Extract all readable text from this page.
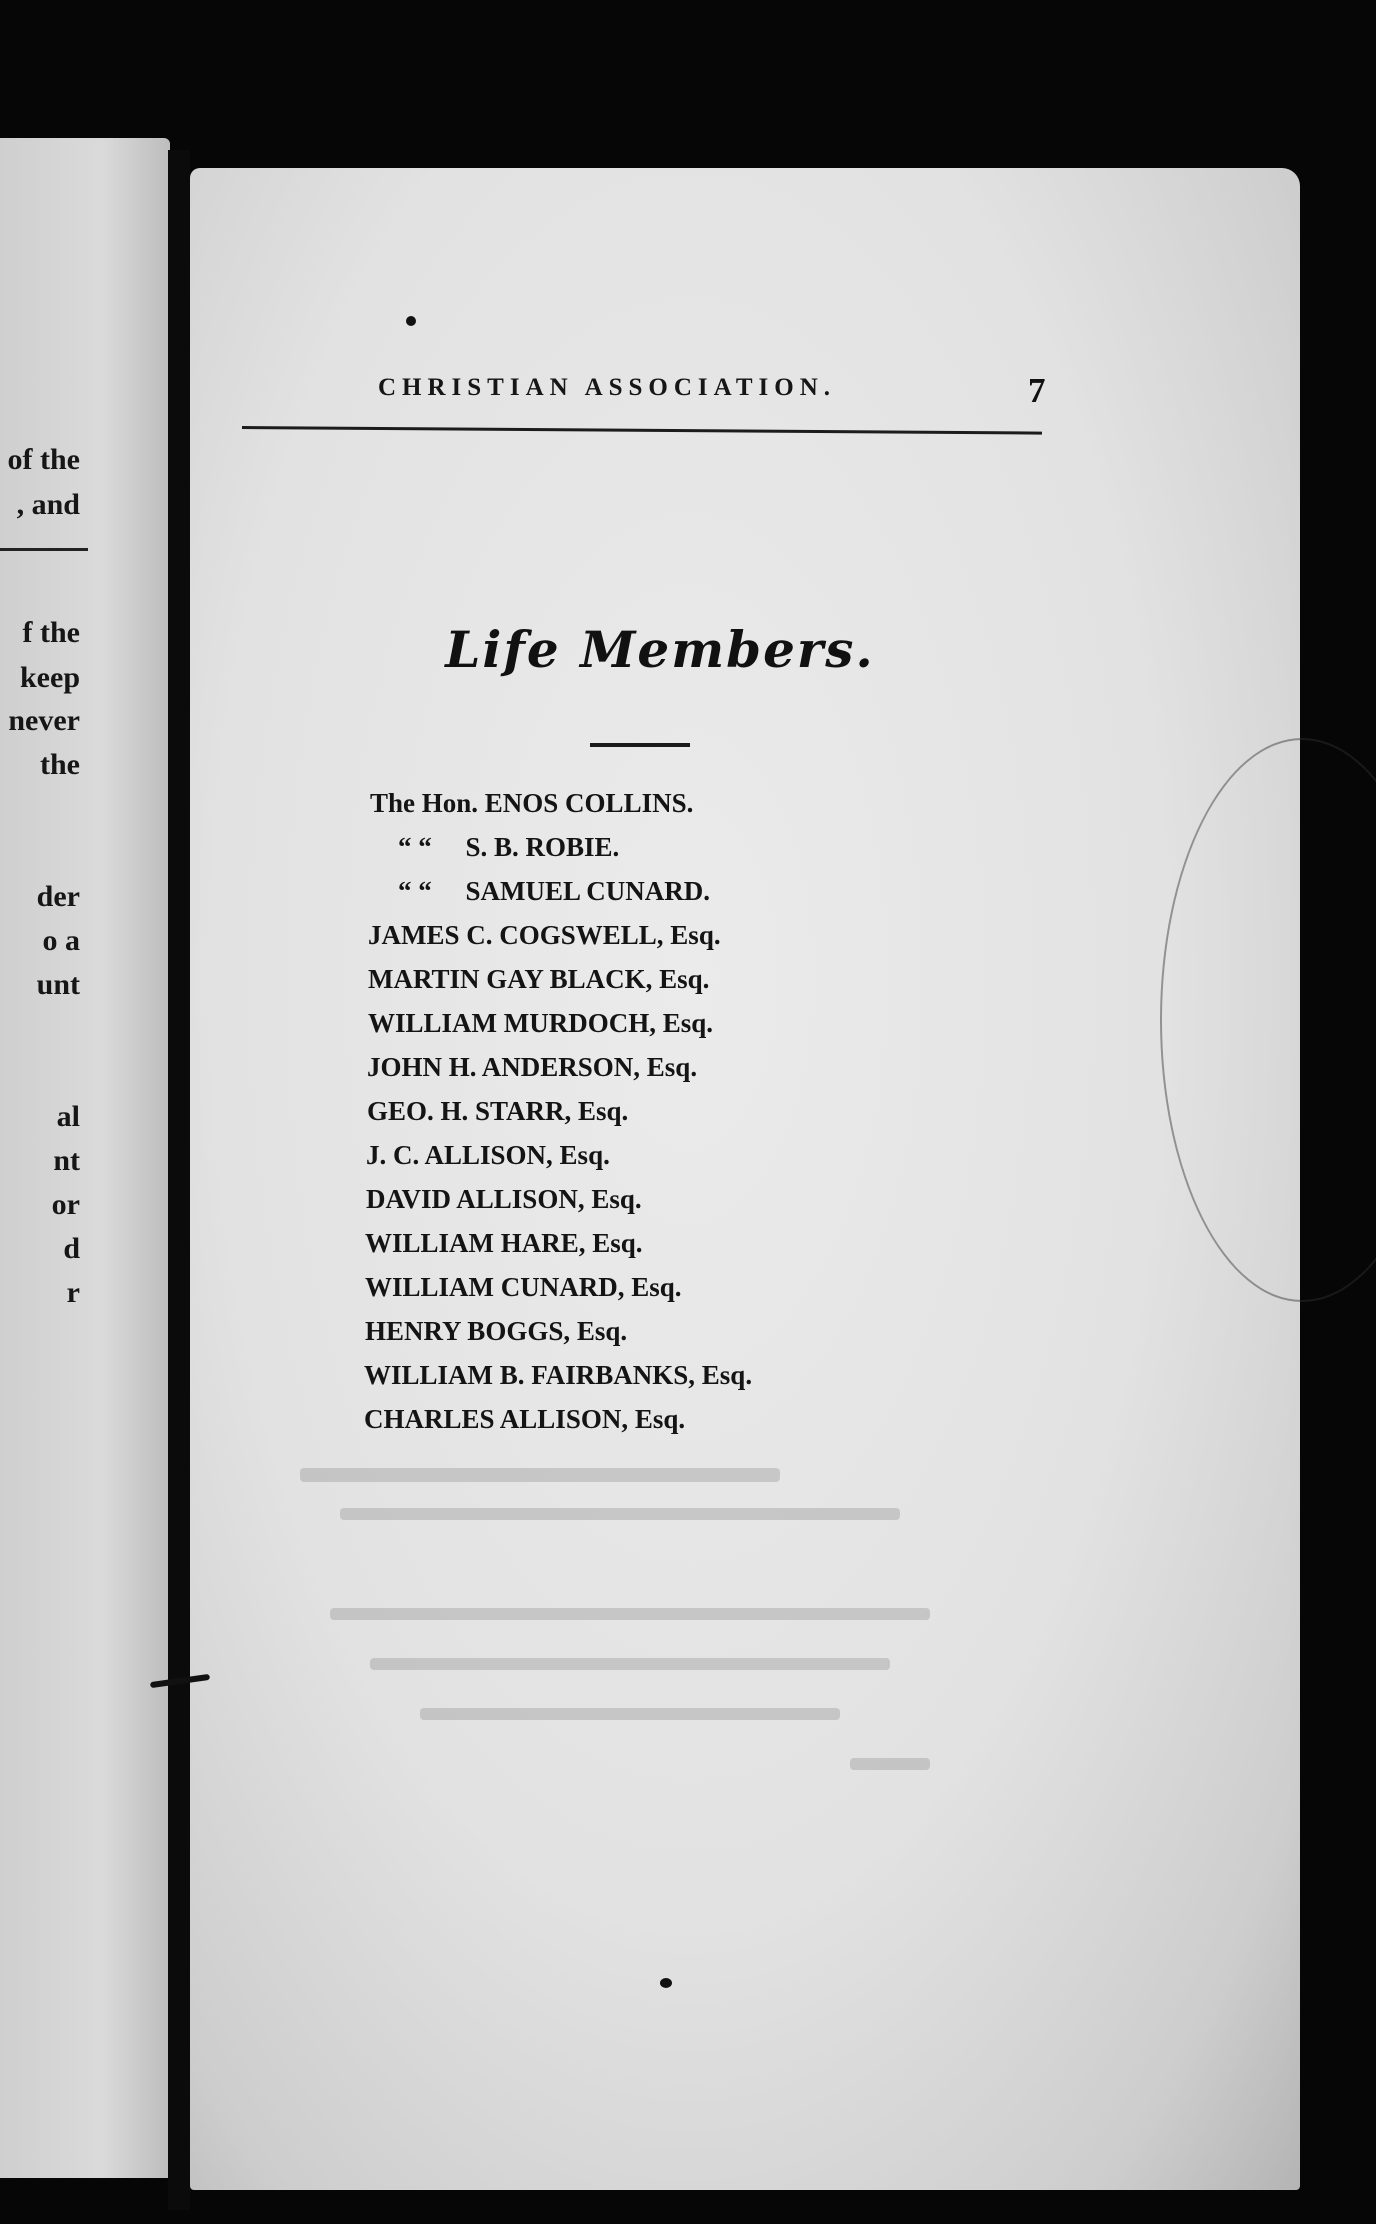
of the
, and
f the
keep
never
the
der
o a
unt
al
nt
or
d
r
CHRISTIAN ASSOCIATION.	7
Life Members.
The Hon. ENOS COLLINS.
“ “ S. B. ROBIE.
“ “ SAMUEL CUNARD.
JAMES C. COGSWELL, Esq.
MARTIN GAY BLACK, Esq.
WILLIAM MURDOCH, Esq.
JOHN H. ANDERSON, Esq.
GEO. H. STARR, Esq.
J. C. ALLISON, Esq.
DAVID ALLISON, Esq.
WILLIAM HARE, Esq.
WILLIAM CUNARD, Esq.
HENRY BOGGS, Esq.
WILLIAM B. FAIRBANKS, Esq.
CHARLES ALLISON, Esq.
